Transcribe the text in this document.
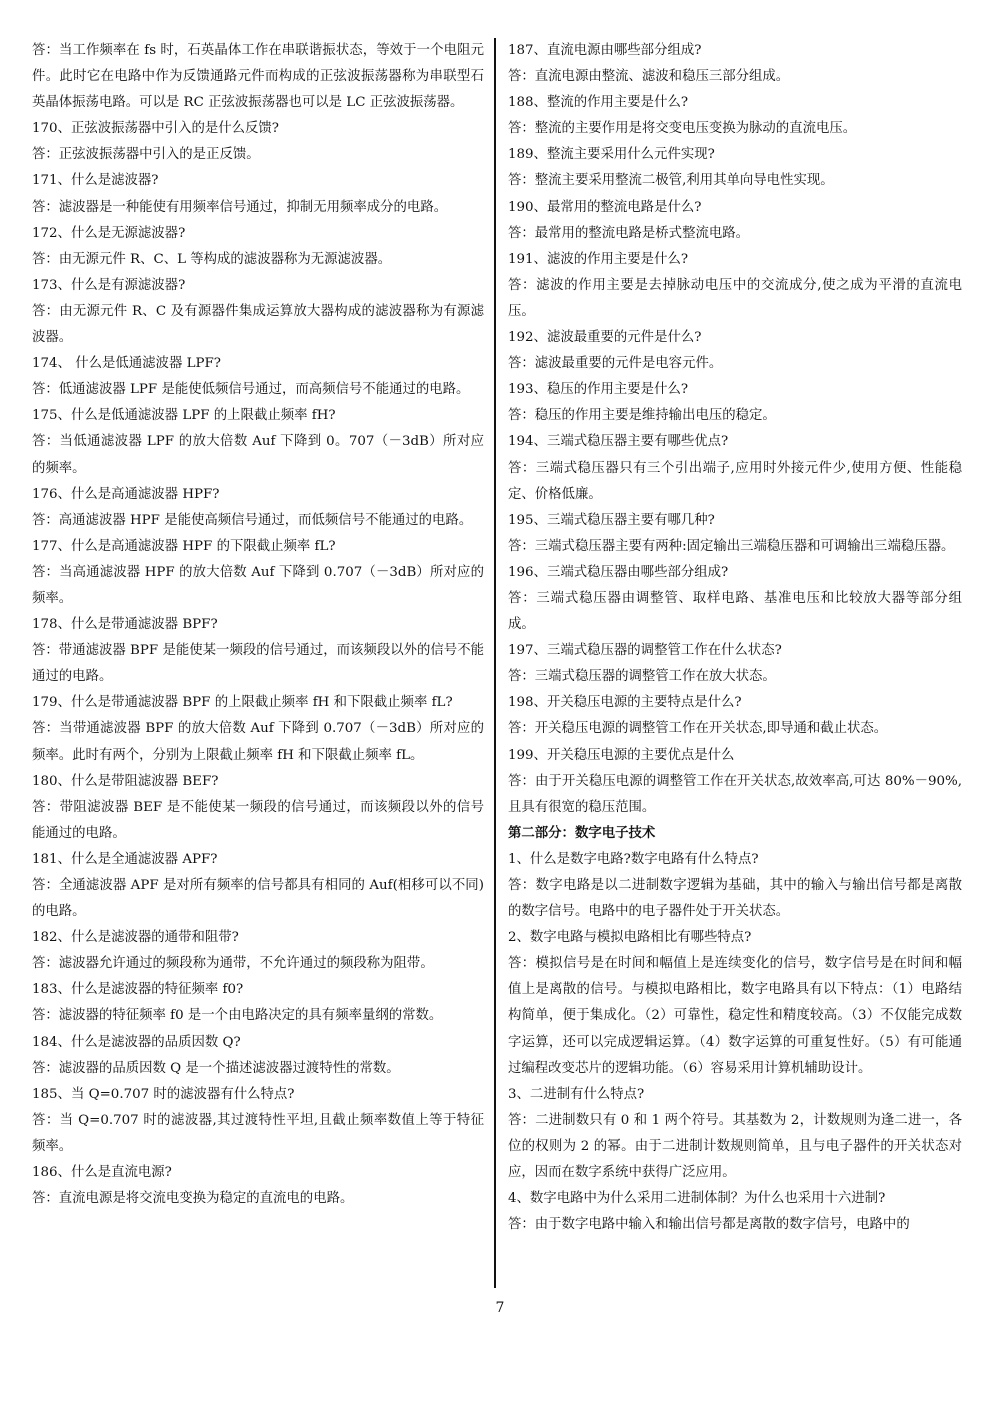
答：当工作频率在 fs 时，石英晶体工作在串联谐振状态，等效于一个电阻元件。此时它在电路中作为反馈通路元件而构成的正弦波振荡器称为串联型石英晶体振荡电路。可以是 RC 正弦波振荡器也可以是 LC 正弦波振荡器。

170、正弦波振荡器中引入的是什么反馈?

答：正弦波振荡器中引入的是正反馈。

171、什么是滤波器?

答：滤波器是一种能使有用频率信号通过，抑制无用频率成分的电路。

172、什么是无源滤波器?

答：由无源元件 R、C、L 等构成的滤波器称为无源滤波器。

173、什么是有源滤波器?

答：由无源元件 R、C 及有源器件集成运算放大器构成的滤波器称为有源滤波器。

174、 什么是低通滤波器 LPF?

答：低通滤波器 LPF 是能使低频信号通过，而高频信号不能通过的电路。

175、什么是低通滤波器 LPF 的上限截止频率 fH?

答：当低通滤波器 LPF 的放大倍数 Auf 下降到 0。707（－3dB）所对应的频率。

176、什么是高通滤波器 HPF?

答：高通滤波器 HPF 是能使高频信号通过，而低频信号不能通过的电路。

177、什么是高通滤波器 HPF 的下限截止频率 fL?

答：当高通滤波器 HPF 的放大倍数 Auf 下降到 0.707（－3dB）所对应的频率。

178、什么是带通滤波器 BPF?

答：带通滤波器 BPF 是能使某一频段的信号通过，而该频段以外的信号不能通过的电路。

179、什么是带通滤波器 BPF 的上限截止频率 fH 和下限截止频率 fL?

答：当带通滤波器 BPF 的放大倍数 Auf 下降到 0.707（－3dB）所对应的频率。此时有两个，分别为上限截止频率 fH 和下限截止频率 fL。

180、什么是带阻滤波器 BEF?

答：带阻滤波器 BEF 是不能使某一频段的信号通过，而该频段以外的信号能通过的电路。

181、什么是全通滤波器 APF?

答：全通滤波器 APF 是对所有频率的信号都具有相同的 Auf(相移可以不同)的电路。

182、什么是滤波器的通带和阻带?

答：滤波器允许通过的频段称为通带，不允许通过的频段称为阻带。

183、什么是滤波器的特征频率 f0?

答：滤波器的特征频率 f0 是一个由电路决定的具有频率量纲的常数。

184、什么是滤波器的品质因数 Q?

答：滤波器的品质因数 Q 是一个描述滤波器过渡特性的常数。

185、当 Q=0.707 时的滤波器有什么特点?

答：当 Q=0.707 时的滤波器,其过渡特性平坦,且截止频率数值上等于特征频率。

186、什么是直流电源?

答：直流电源是将交流电变换为稳定的直流电的电路。

187、直流电源由哪些部分组成?

答：直流电源由整流、滤波和稳压三部分组成。

188、整流的作用主要是什么?

答：整流的主要作用是将交变电压变换为脉动的直流电压。

189、整流主要采用什么元件实现?

答：整流主要采用整流二极管,利用其单向导电性实现。

190、最常用的整流电路是什么?

答：最常用的整流电路是桥式整流电路。

191、滤波的作用主要是什么?

答：滤波的作用主要是去掉脉动电压中的交流成分,使之成为平滑的直流电压。

192、滤波最重要的元件是什么?

答：滤波最重要的元件是电容元件。

193、稳压的作用主要是什么?

答：稳压的作用主要是维持输出电压的稳定。

194、三端式稳压器主要有哪些优点?

答：三端式稳压器只有三个引出端子,应用时外接元件少,使用方便、性能稳定、价格低廉。

195、三端式稳压器主要有哪几种?

答：三端式稳压器主要有两种:固定输出三端稳压器和可调输出三端稳压器。

196、三端式稳压器由哪些部分组成?

答：三端式稳压器由调整管、取样电路、基准电压和比较放大器等部分组成。

197、三端式稳压器的调整管工作在什么状态?

答：三端式稳压器的调整管工作在放大状态。

198、开关稳压电源的主要特点是什么?

答：开关稳压电源的调整管工作在开关状态,即导通和截止状态。

199、开关稳压电源的主要优点是什么

答：由于开关稳压电源的调整管工作在开关状态,故效率高,可达 80%－90%,且具有很宽的稳压范围。

第二部分：数字电子技术

1、什么是数字电路?数字电路有什么特点?

答：数字电路是以二进制数字逻辑为基础，其中的输入与输出信号都是离散的数字信号。电路中的电子器件处于开关状态。

2、数字电路与模拟电路相比有哪些特点?

答：模拟信号是在时间和幅值上是连续变化的信号，数字信号是在时间和幅值上是离散的信号。与模拟电路相比，数字电路具有以下特点：（1）电路结构简单，便于集成化。（2）可靠性，稳定性和精度较高。（3）不仅能完成数字运算，还可以完成逻辑运算。（4）数字运算的可重复性好。（5）有可能通过编程改变芯片的逻辑功能。（6）容易采用计算机辅助设计。

3、二进制有什么特点?

答：二进制数只有 0 和 1 两个符号。其基数为 2，计数规则为逢二进一，各位的权则为 2 的幂。由于二进制计数规则简单，且与电子器件的开关状态对应，因而在数字系统中获得广泛应用。

4、数字电路中为什么采用二进制体制？为什么也采用十六进制?

答：由于数字电路中输入和输出信号都是离散的数字信号，电路中的

7
